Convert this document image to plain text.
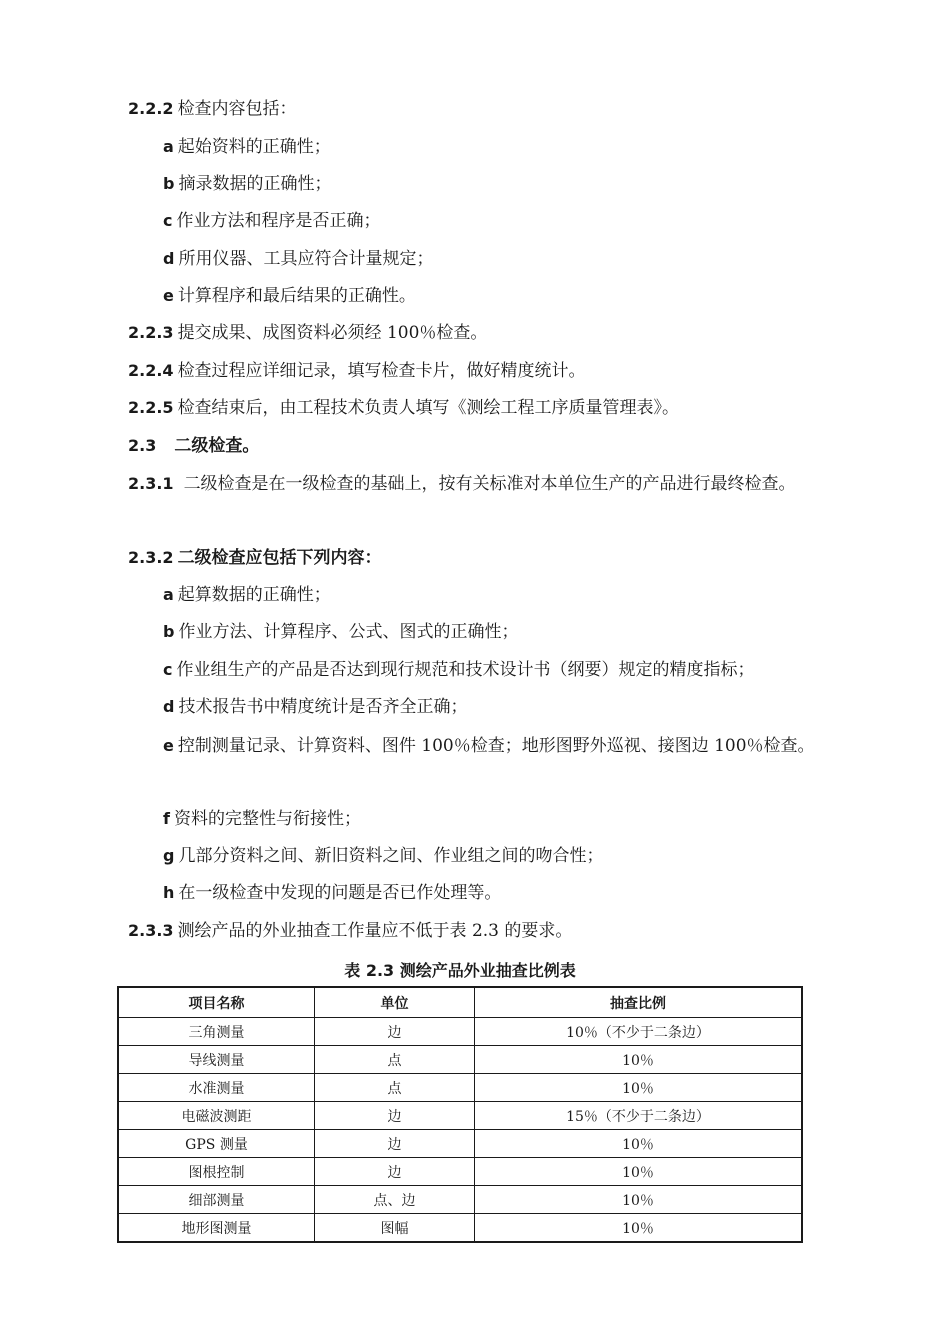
2.2.2 检查内容包括：
a 起始资料的正确性；
b 摘录数据的正确性；
c 作业方法和程序是否正确；
d 所用仪器、工具应符合计量规定；
e 计算程序和最后结果的正确性。
2.2.3 提交成果、成图资料必须经 100％检查。
2.2.4 检查过程应详细记录，填写检查卡片，做好精度统计。
2.2.5 检查结束后，由工程技术负责人填写《测绘工程工序质量管理表》。
2.3 二级检查。
2.3.1 二级检查是在一级检查的基础上，按有关标准对本单位生产的产品进行最终检查。
2.3.2 二级检查应包括下列内容：
a 起算数据的正确性；
b 作业方法、计算程序、公式、图式的正确性；
c 作业组生产的产品是否达到现行规范和技术设计书（纲要）规定的精度指标；
d 技术报告书中精度统计是否齐全正确；
e 控制测量记录、计算资料、图件 100％检查；地形图野外巡视、接图边 100％检查。
f 资料的完整性与衔接性；
g 几部分资料之间、新旧资料之间、作业组之间的吻合性；
h 在一级检查中发现的问题是否已作处理等。
2.3.3 测绘产品的外业抽查工作量应不低于表 2.3 的要求。
表 2.3 测绘产品外业抽查比例表
项目名称	单位	抽查比例
三角测量	边	10％（不少于二条边）
导线测量	点	10％
水准测量	点	10％
电磁波测距	边	15％（不少于二条边）
GPS 测量	边	10％
图根控制	边	10％
细部测量	点、边	10％
地形图测量	图幅	10％
